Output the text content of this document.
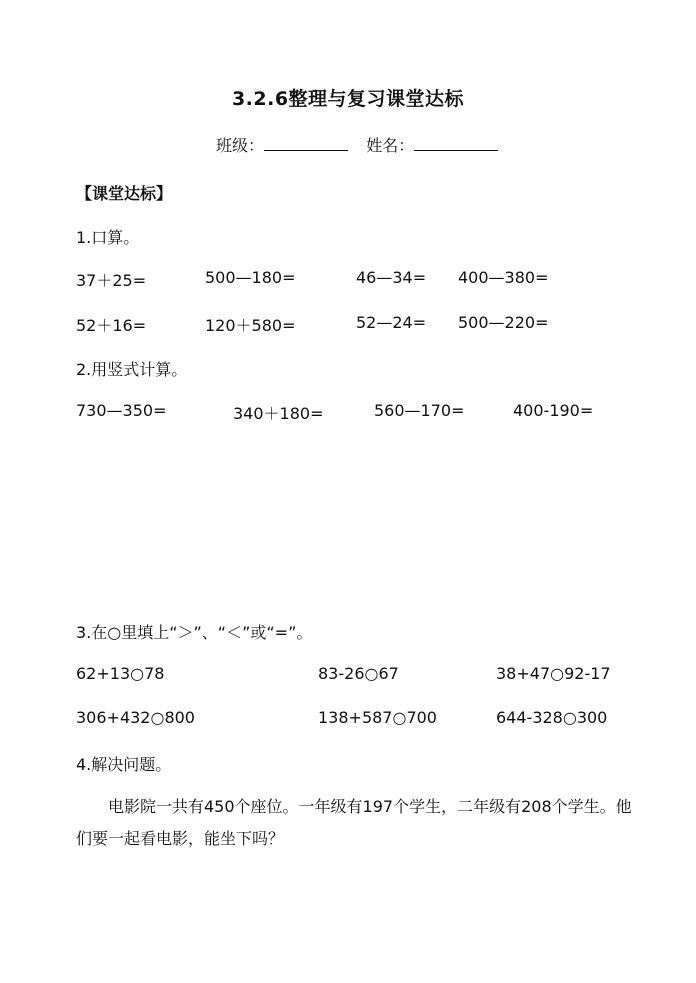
3.2.6整理与复习课堂达标
班级：	姓名：
【课堂达标】
1.口算。
37＋25=	500—180=	46—34= 400—380=
52＋16=	120＋580=	52—24= 500—220=
2.用竖式计算。
730—350=	340＋180=	560—170=	400-190=
3.在○里填上“＞”、“＜”或“=”。
62+13○78	83-26○67	38+47○92-17
306+432○800	138+587○700	644-328○300
4.解决问题。
电影院一共有450个座位。一年级有197个学生，二年级有208个学生。他们要一起看电影，能坐下吗？
